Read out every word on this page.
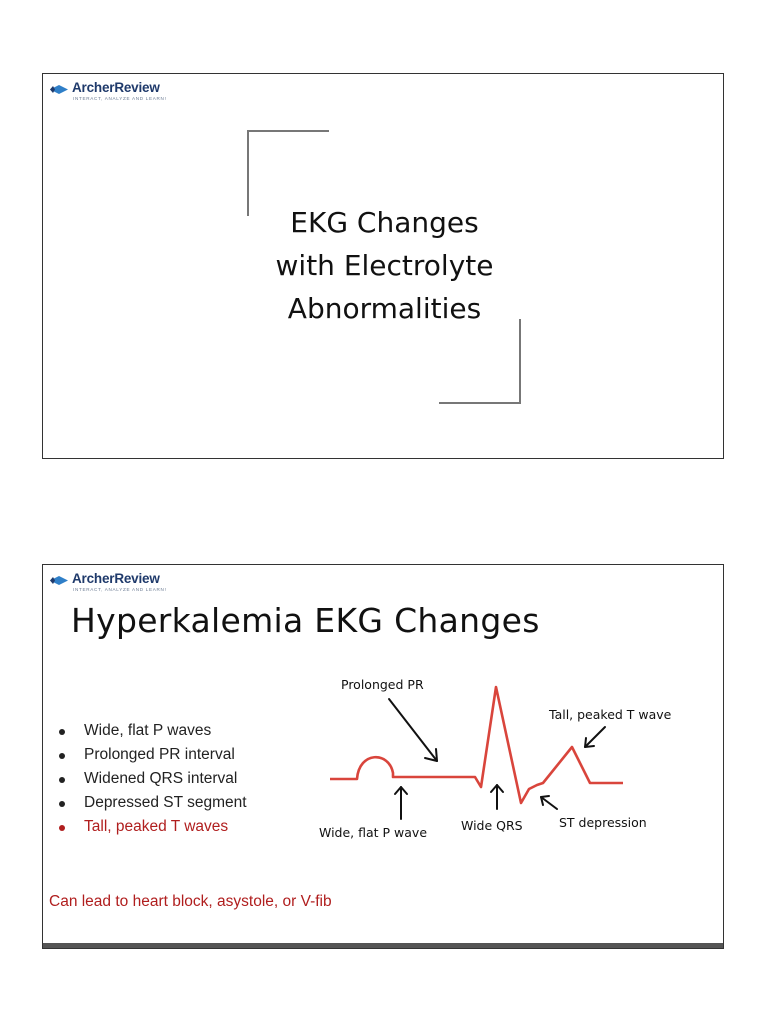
ArcherReview
INTERACT, ANALYZE AND LEARN!
EKG Changes
with Electrolyte
Abnormalities
ArcherReview
INTERACT, ANALYZE AND LEARN!
Hyperkalemia EKG Changes
Wide, flat P waves
Prolonged PR interval
Widened QRS interval
Depressed ST segment
Tall, peaked T waves
Prolonged PR
Wide, flat P wave	Wide QRS	ST depression
Tall, peaked T wave

Can lead to heart block, asystole, or V-fib
